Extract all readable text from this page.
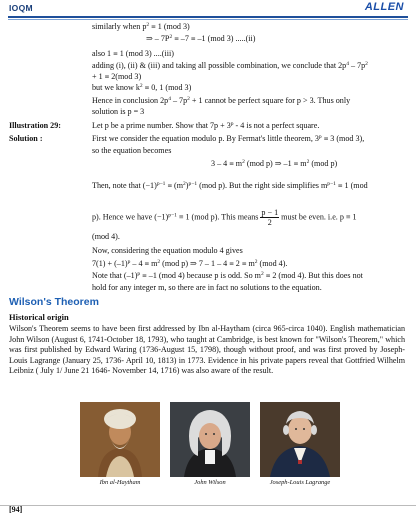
IOQM	ALLEN
similarly when $p^2 \equiv 1$ (mod 3)
⇒ – $7P^2 \equiv -7 \equiv -1$ (mod 3) .....(ii)
also 1 ≡ 1 (mod 3) ....(iii)
adding (i), (ii) & (iii) and taking all possible combination, we conclude that $2p^4 - 7p^2$
+ 1 ≡ 2(mod 3)
but we know $k^2 \equiv 0$, 1 (mod 3)
Hence in conclusion $2p^4 - 7p^2 + 1$ cannot be perfect square for p > 3. Thus only
solution is p = 3
Illustration 29:	Let p be a prime number. Show that $7p + 3^p - 4$ is not a perfect square.
Solution :	First we consider the equation modulo p. By Fermat's little theorem, $3^p \equiv 3$ (mod 3),
so the equation becomes
$3 - 4 \equiv m^2$ (mod p) ⇒ $-1 \equiv m^2$ (mod p)
Then, note that $(-1)^{p-1} \equiv (m^2)^{p-1}$ (mod p). But the right side simplifies $m^{p-1} \equiv 1$ (mod
p). Hence we have $(-1)^{p-1} \equiv 1$ (mod p). This means $\frac{p - 1}{2}$ must be even. i.e. p ≡ 1
(mod 4).
Now, considering the equation modulo 4 gives
$7(1) + (-1)^p - 4 \equiv m^2$ (mod p) ⇒ $7 - 1 - 4 \equiv 2 \equiv m^2$ (mod 4).
Note that $(-1)^p \equiv -1$ (mod 4) because p is odd. So $m^2 \equiv 2$ (mod 4). But this does not
hold for any integer m, so there are in fact no solutions to the equation.
Wilson's Theorem
Historical origin
Wilson's Theorem seems to have been first addressed by Ibn al-Haytham (circa 965-circa 1040). English mathematician John Wilson (August 6, 1741-October 18, 1793), who taught at Cambridge, is best known for "Wilson's Theorem," which was first published by Edward Waring (1736-August 15, 1798), though without proof, and was first proved by Joseph-Louis Lagrange (January 25, 1736- April 10, 1813) in 1773. Evidence in his private papers reveal that Gottfried Wilhelm Leibniz ( July 1/ June 21 1646- November 14, 1716) was also aware of the result.
Ibn al-Haytham	John Wilson	Joseph-Louis Lagrange
[94]
